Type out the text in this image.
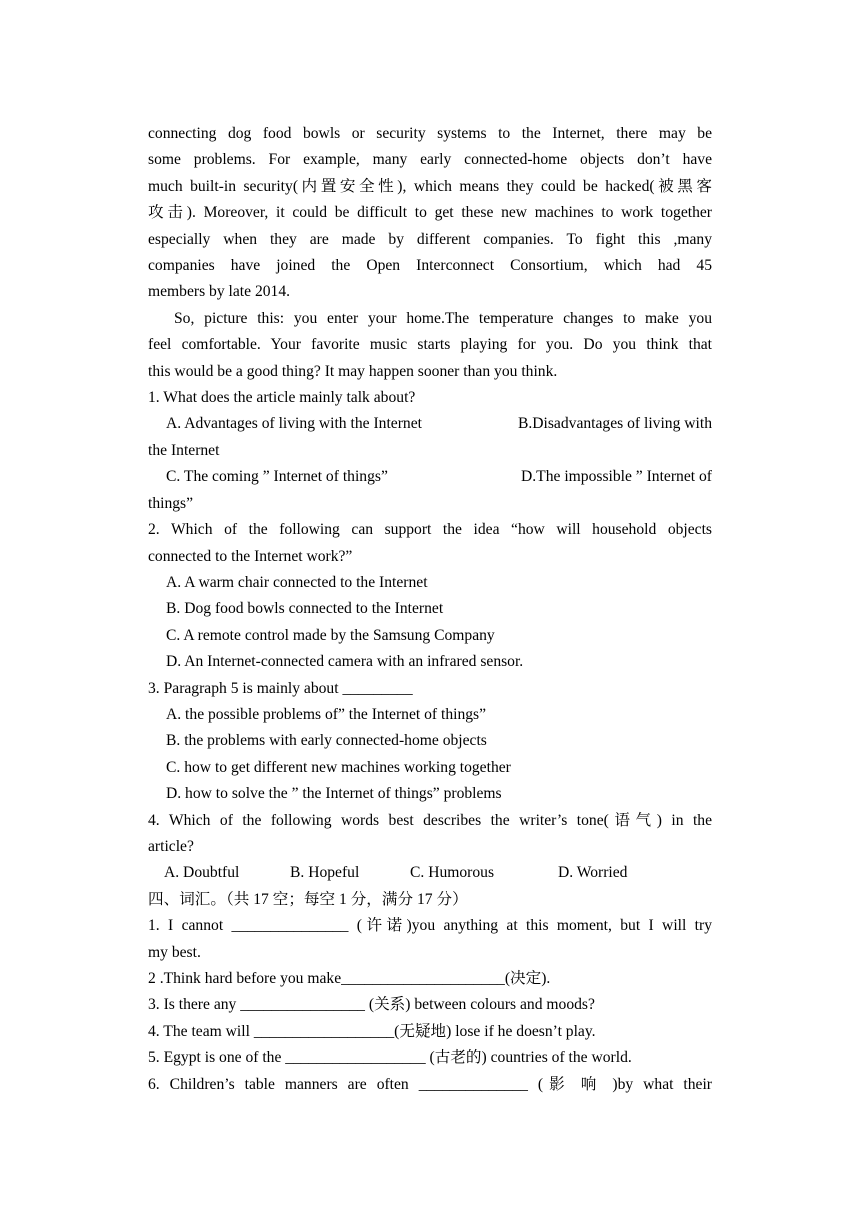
connecting dog food bowls or security systems to the Internet, there may be
some problems. For example, many early connected-home objects don’t have
much built-in security(内置安全性), which means they could be hacked(被黑客
攻击). Moreover, it could be difficult to get these new machines to work together
especially when they are made by different companies. To fight this ,many
companies have joined the Open Interconnect Consortium, which had 45
members by late 2014.
So, picture this: you enter your home.The temperature changes to make you
feel comfortable. Your favorite music starts playing for you. Do you think that
this would be a good thing? It may happen sooner than you think.
1. What does the article mainly talk about?
A. Advantages of living with the Internet	B.Disadvantages of living with
the Internet
C. The coming ” Internet of things”	D.The impossible ” Internet of
things”
2. Which of the following can support the idea “how will household objects
connected to the Internet work?”
A. A warm chair connected to the Internet
B. Dog food bowls connected to the Internet
C. A remote control made by the Samsung Company
D. An Internet-connected camera with an infrared sensor.
3. Paragraph 5 is mainly about _________
A. the possible problems of” the Internet of things”
B. the problems with early connected-home objects
C. how to get different new machines working together
D. how to solve the ” the Internet of things” problems
4. Which of the following words best describes the writer’s tone(语气) in the
article?
A. Doubtful	B. Hopeful	C. Humorous	D. Worried
四、词汇。（共 17 空；每空 1 分，满分 17 分）
1. I cannot _______________ (许诺)you anything at this moment, but I will try
my best.
2 .Think hard before you make_____________________(决定).
3. Is there any ________________ (关系) between colours and moods?
4. The team will __________________(无疑地) lose if he doesn’t play.
5. Egypt is one of the __________________ (古老的) countries of the world.
6. Children’s table manners are often ______________ (影 响 )by what their
